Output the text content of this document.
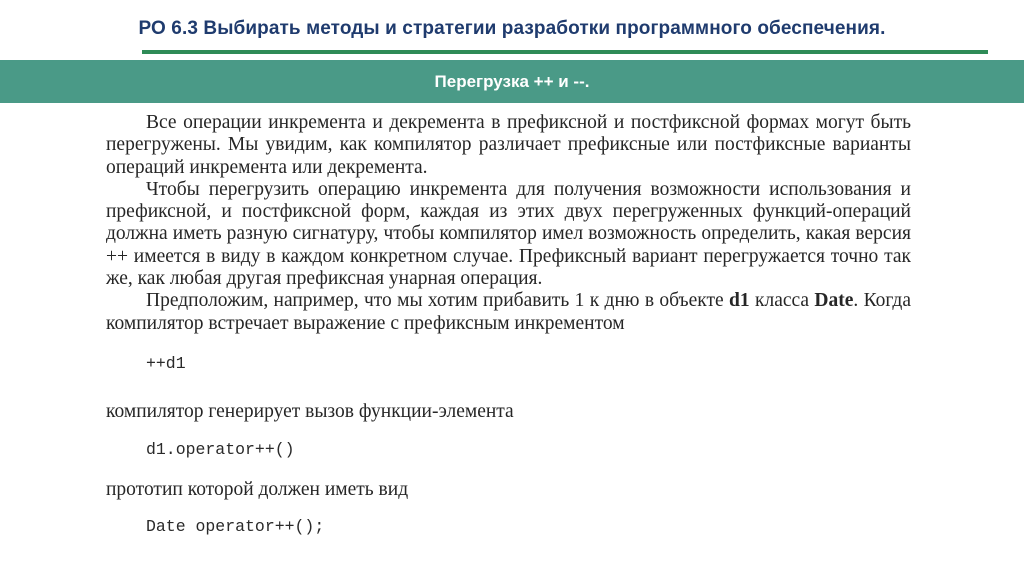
РО 6.3 Выбирать методы и стратегии разработки программного обеспечения.
Перегрузка ++ и --.

Все операции инкремента и декремента в префиксной и постфиксной формах могут быть перегружены. Мы увидим, как компилятор различает префиксные или постфиксные варианты операций инкремента или декремента.

Чтобы перегрузить операцию инкремента для получения возможности использования и префиксной, и постфиксной форм, каждая из этих двух перегруженных функций-операций должна иметь разную сигнатуру, чтобы компилятор имел возможность определить, какая версия ++ имеется в виду в каждом конкретном случае. Префиксный вариант перегружается точно так же, как любая другая префиксная унарная операция.

Предположим, например, что мы хотим прибавить 1 к дню в объекте d1 класса Date. Когда компилятор встречает выражение с префиксным инкрементом

++d1

компилятор генерирует вызов функции-элемента

d1.operator++()

прототип которой должен иметь вид

Date operator++();
